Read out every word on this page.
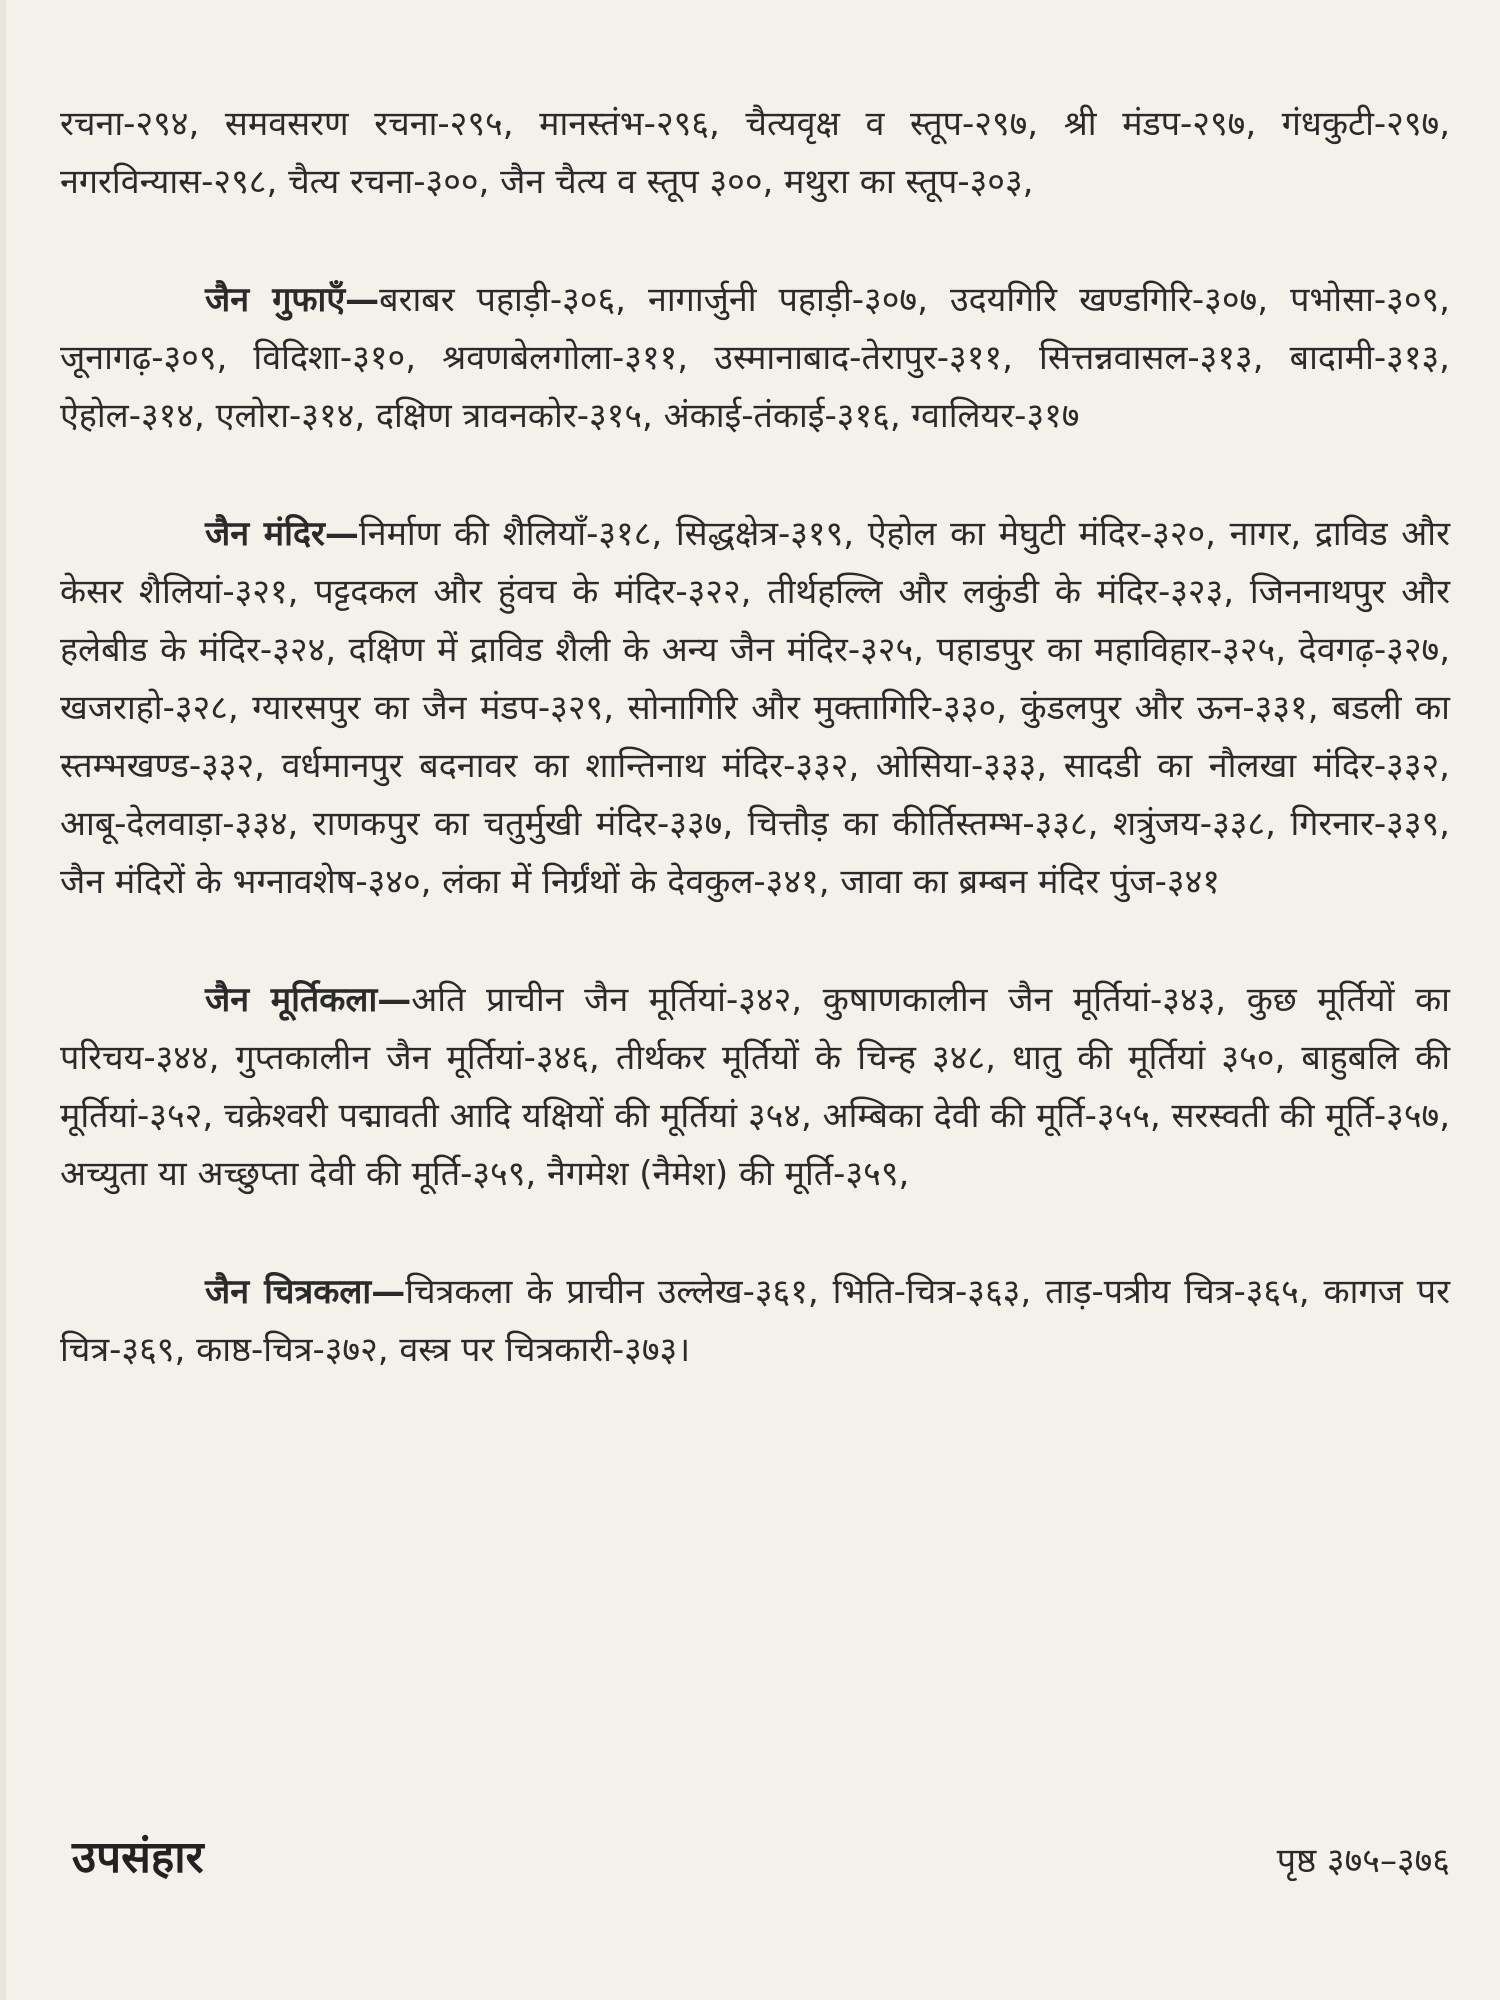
रचना-२९४, समवसरण रचना-२९५, मानस्तंभ-२९६, चैत्यवृक्ष व स्तूप-२९७, श्री मंडप-२९७, गंधकुटी-२९७, नगरविन्यास-२९८, चैत्य रचना-३००, जैन चैत्य व स्तूप ३००, मथुरा का स्तूप-३०३,

जैन गुफाएँ—बराबर पहाड़ी-३०६, नागार्जुनी पहाड़ी-३०७, उदयगिरि खण्डगिरि-३०७, पभोसा-३०९, जूनागढ़-३०९, विदिशा-३१०, श्रवणबेलगोला-३११, उस्मानाबाद-तेरापुर-३११, सित्तन्नवासल-३१३, बादामी-३१३, ऐहोल-३१४, एलोरा-३१४, दक्षिण त्रावनकोर-३१५, अंकाई-तंकाई-३१६, ग्वालियर-३१७

जैन मंदिर—निर्माण की शैलियाँ-३१८, सिद्धक्षेत्र-३१९, ऐहोल का मेघुटी मंदिर-३२०, नागर, द्राविड और केसर शैलियां-३२१, पट्टदकल और हुंवच के मंदिर-३२२, तीर्थहल्लि और लकुंडी के मंदिर-३२३, जिननाथपुर और हलेबीड के मंदिर-३२४, दक्षिण में द्राविड शैली के अन्य जैन मंदिर-३२५, पहाडपुर का महाविहार-३२५, देवगढ़-३२७, खजराहो-३२८, ग्यारसपुर का जैन मंडप-३२९, सोनागिरि और मुक्तागिरि-३३०, कुंडलपुर और ऊन-३३१, बडली का स्तम्भखण्ड-३३२, वर्धमानपुर बदनावर का शान्तिनाथ मंदिर-३३२, ओसिया-३३३, सादडी का नौलखा मंदिर-३३२, आबू-देलवाड़ा-३३४, राणकपुर का चतुर्मुखी मंदिर-३३७, चित्तौड़ का कीर्तिस्तम्भ-३३८, शत्रुंजय-३३८, गिरनार-३३९, जैन मंदिरों के भग्नावशेष-३४०, लंका में निर्ग्रंथों के देवकुल-३४१, जावा का ब्रम्बन मंदिर पुंज-३४१

जैन मूर्तिकला—अति प्राचीन जैन मूर्तियां-३४२, कुषाणकालीन जैन मूर्तियां-३४३, कुछ मूर्तियों का परिचय-३४४, गुप्तकालीन जैन मूर्तियां-३४६, तीर्थकर मूर्तियों के चिन्ह ३४८, धातु की मूर्तियां ३५०, बाहुबलि की मूर्तियां-३५२, चक्रेश्वरी पद्मावती आदि यक्षियों की मूर्तियां ३५४, अम्बिका देवी की मूर्ति-३५५, सरस्वती की मूर्ति-३५७, अच्युता या अच्छुप्ता देवी की मूर्ति-३५९, नैगमेश (नैमेश) की मूर्ति-३५९,

जैन चित्रकला—चित्रकला के प्राचीन उल्लेख-३६१, भिति-चित्र-३६३, ताड़-पत्रीय चित्र-३६५, कागज पर चित्र-३६९, काष्ठ-चित्र-३७२, वस्त्र पर चित्रकारी-३७३।

उपसंहार	पृष्ठ ३७५–३७६
